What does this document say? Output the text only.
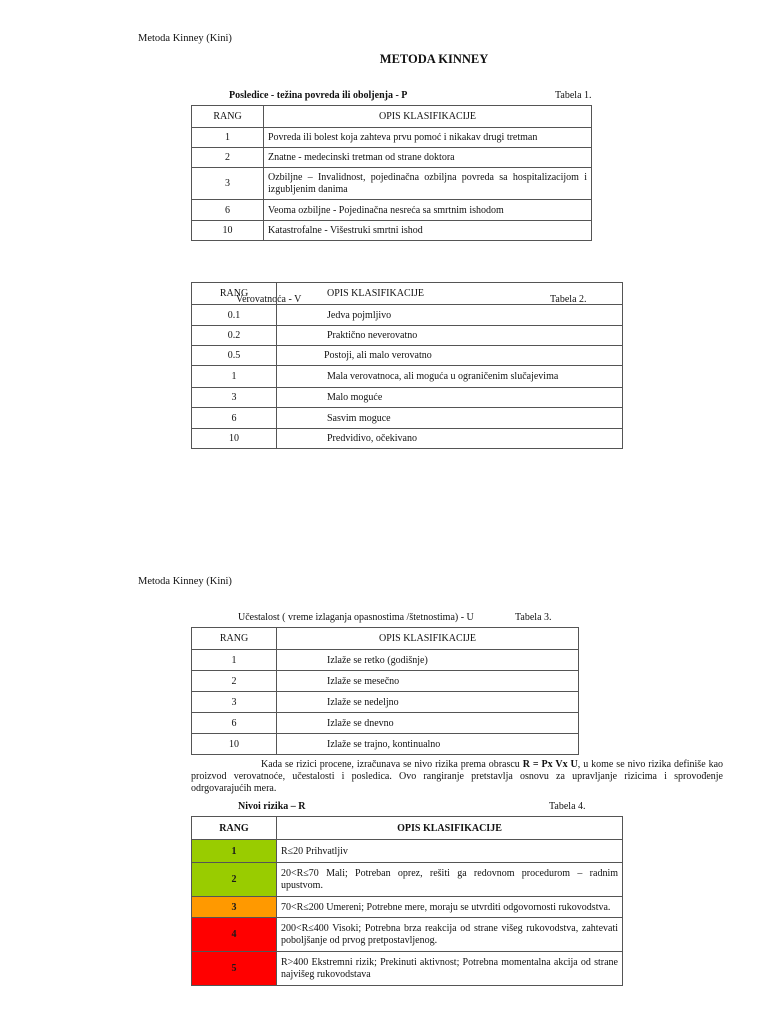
Metoda Kinney (Kini)
METODA KINNEY
Posledice - težina povreda ili oboljenja - P	Tabela 1.
RANG	OPIS KLASIFIKACIJE
1	Povreda ili bolest koja zahteva prvu pomoć i nikakav drugi tretman
2	Znatne - medecinski tretman od strane doktora
3	Ozbiljne – Invalidnost, pojedinačna ozbiljna povreda sa hospitalizacijom i izgubljenim danima
6	Veoma ozbiljne - Pojedinačna nesreća sa smrtnim ishodom
10	Katastrofalne - Višestruki smrtni ishod
Verovatnoća - V	Tabela 2.
RANG	OPIS KLASIFIKACIJE
0.1	Jedva pojmljivo
0.2	Praktično neverovatno
0.5	Postoji, ali malo verovatno
1	Mala verovatnoca, ali moguća u ograničenim slučajevima
3	Malo moguće
6	Sasvim moguce
10	Predvidivo, očekivano
Metoda Kinney (Kini)
Učestalost ( vreme izlaganja opasnostima /štetnostima) - U	Tabela 3.
RANG	OPIS KLASIFIKACIJE
1	Izlaže se retko (godišnje)
2	Izlaže se mesečno
3	Izlaže se nedeljno
6	Izlaže se dnevno
10	Izlaže se trajno, kontinualno
Kada se rizici procene, izračunava se nivo rizika prema obrascu R = Px Vx U, u kome se nivo rizika definiše kao proizvod verovatnoće, učestalosti i posledica. Ovo rangiranje pretstavlja osnovu za upravljanje rizicima i sprovođenje odrgovarajućih mera.
Nivoi rizika – R	Tabela 4.
RANG	OPIS KLASIFIKACIJE
1	R≤20 Prihvatljiv
2	20<R≤70 Mali; Potreban oprez, rešiti ga redovnom procedurom – radnim upustvom.
3	70<R≤200 Umereni; Potrebne mere, moraju se utvrditi odgovornosti rukovodstva.
4	200<R≤400 Visoki; Potrebna brza reakcija od strane višeg rukovodstva, zahtevati poboljšanje od prvog pretpostavljenog.
5	R>400 Ekstremni rizik; Prekinuti aktivnost; Potrebna momentalna akcija od strane najvišeg rukovodstava
